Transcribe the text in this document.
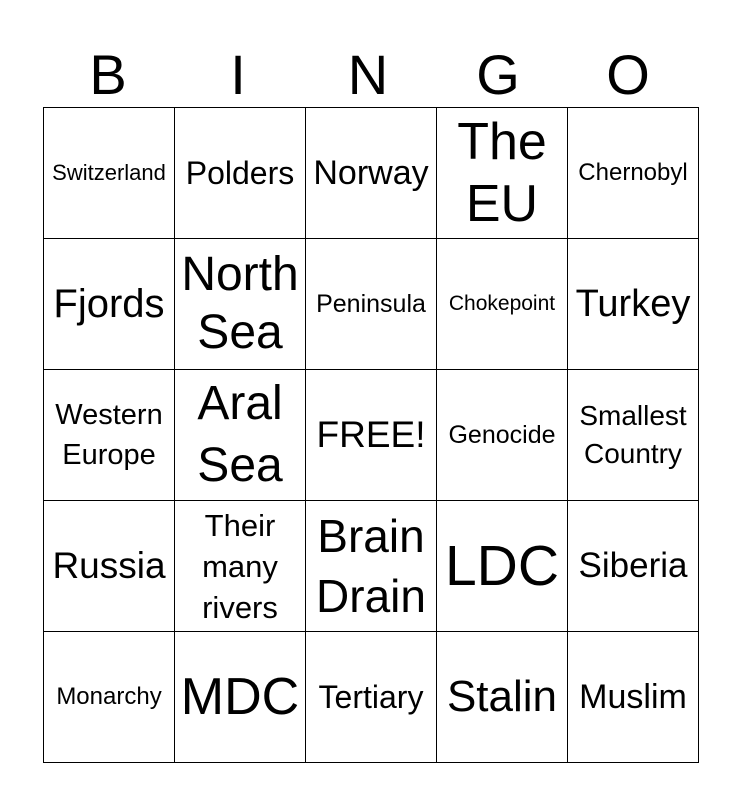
B	I	N	G	O
Switzerland	Polders	Norway	The EU	Chernobyl

Fjords	North Sea	Peninsula	Chokepoint	Turkey

Western Europe	Aral Sea	FREE!	Genocide	Smallest Country

Russia	Their many rivers	Brain Drain	LDC	Siberia

Monarchy	MDC	Tertiary	Stalin	Muslim
